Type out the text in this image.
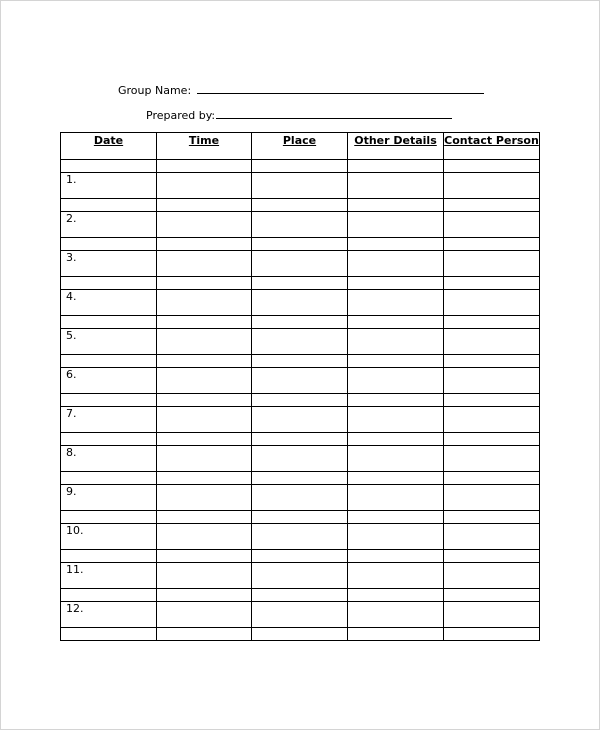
Group Name:
Prepared by:
Date	Time	Place	Other Details	Contact Person

1.				

2.				

3.				

4.				

5.				

6.				

7.				

8.				

9.				

10.				

11.				

12.				
